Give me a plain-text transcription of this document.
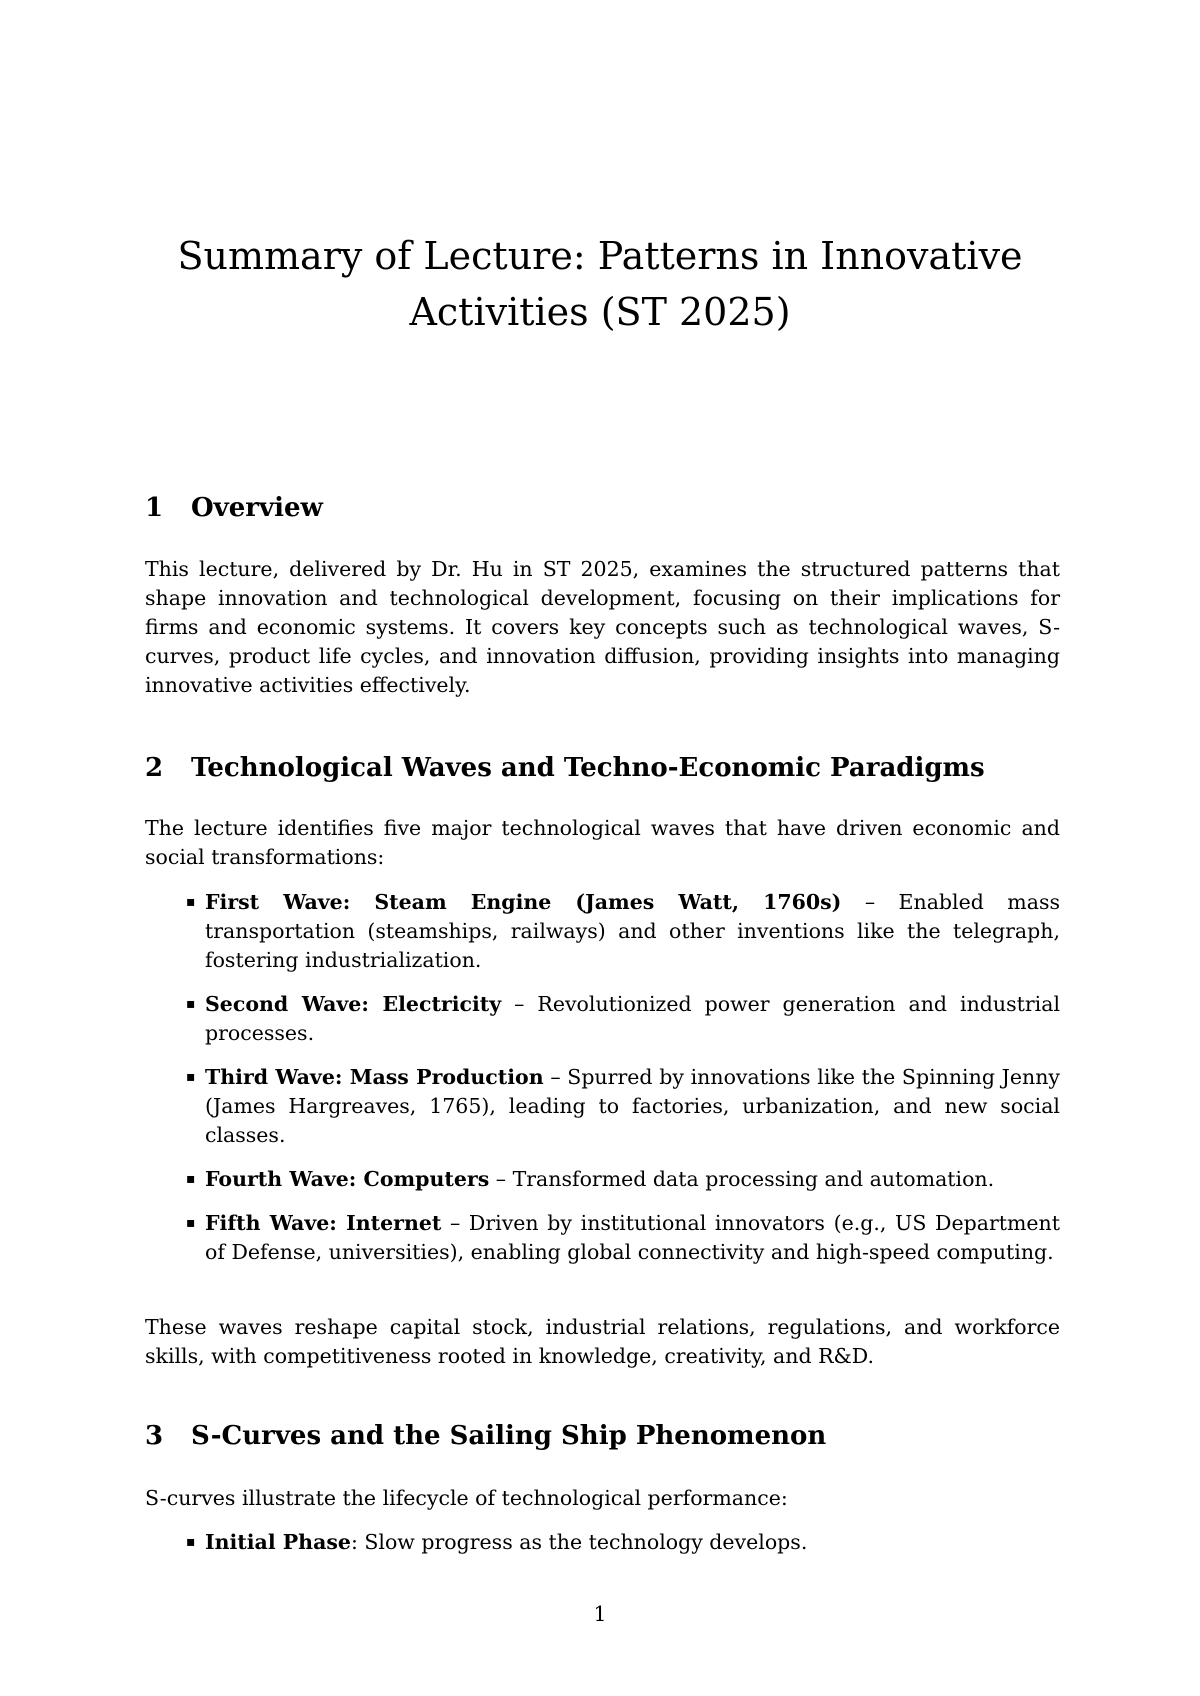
Summary of Lecture: Patterns in Innovative Activities (ST 2025)
1 Overview

This lecture, delivered by Dr. Hu in ST 2025, examines the structured patterns that shape innovation and technological development, focusing on their implications for firms and economic systems. It covers key concepts such as technological waves, S-curves, product life cycles, and innovation diffusion, providing insights into managing innovative activities effectively.

2 Technological Waves and Techno-Economic Paradigms

The lecture identifies five major technological waves that have driven economic and social transformations:

▪ First Wave: Steam Engine (James Watt, 1760s) – Enabled mass transportation (steamships, railways) and other inventions like the telegraph, fostering industrialization.
▪ Second Wave: Electricity – Revolutionized power generation and industrial processes.
▪ Third Wave: Mass Production – Spurred by innovations like the Spinning Jenny (James Hargreaves, 1765), leading to factories, urbanization, and new social classes.
▪ Fourth Wave: Computers – Transformed data processing and automation.
▪ Fifth Wave: Internet – Driven by institutional innovators (e.g., US Department of Defense, universities), enabling global connectivity and high-speed computing.

These waves reshape capital stock, industrial relations, regulations, and workforce skills, with competitiveness rooted in knowledge, creativity, and R&D.

3 S-Curves and the Sailing Ship Phenomenon

S-curves illustrate the lifecycle of technological performance:

▪ Initial Phase: Slow progress as the technology develops.
1
